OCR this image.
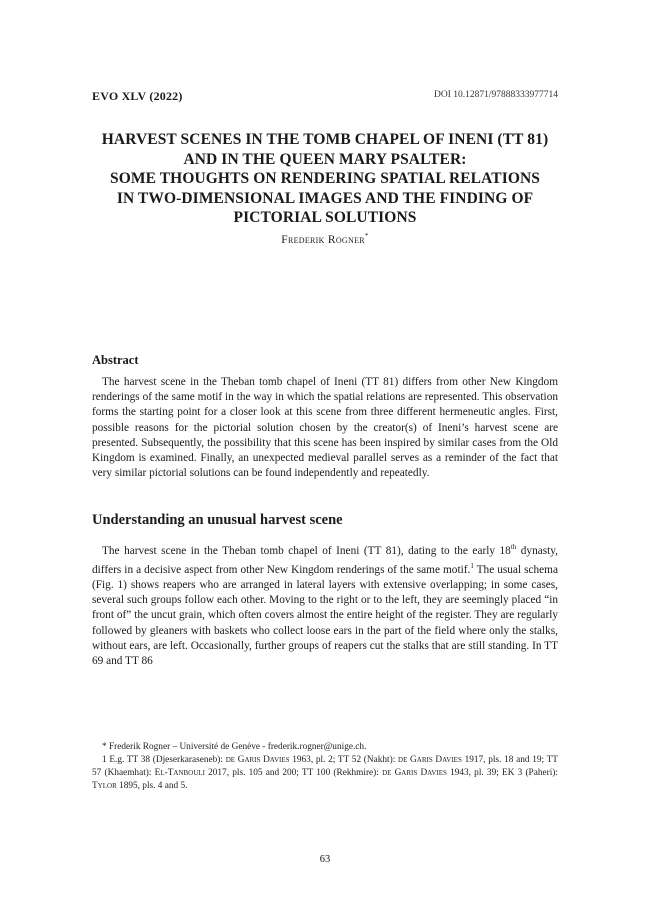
EVO XLV (2022)	DOI 10.12871/97888333977714
HARVEST SCENES IN THE TOMB CHAPEL OF INENI (TT 81)
AND IN THE QUEEN MARY PSALTER:
SOME THOUGHTS ON RENDERING SPATIAL RELATIONS
IN TWO-DIMENSIONAL IMAGES AND THE FINDING OF
PICTORIAL SOLUTIONS
Frederik Rogner*
Abstract

The harvest scene in the Theban tomb chapel of Ineni (TT 81) differs from other New Kingdom renderings of the same motif in the way in which the spatial relations are represented. This observation forms the starting point for a closer look at this scene from three different hermeneutic angles. First, possible reasons for the pictorial solution chosen by the creator(s) of Ineni’s harvest scene are presented. Subsequently, the possibility that this scene has been inspired by similar cases from the Old Kingdom is examined. Finally, an unexpected medieval parallel serves as a reminder of the fact that very similar pictorial solutions can be found independently and repeatedly.

Understanding an unusual harvest scene

The harvest scene in the Theban tomb chapel of Ineni (TT 81), dating to the early 18th dynasty, differs in a decisive aspect from other New Kingdom renderings of the same motif.$^1$ The usual schema (Fig. 1) shows reapers who are arranged in lateral layers with extensive overlapping; in some cases, several such groups follow each other. Moving to the right or to the left, they are seemingly placed “in front of” the uncut grain, which often covers almost the entire height of the register. They are regularly followed by gleaners with baskets who collect loose ears in the part of the field where only the stalks, without ears, are left. Occasionally, further groups of reapers cut the stalks that are still standing. In TT 69 and TT 86

* Frederik Rogner – Université de Genève - frederik.rogner@unige.ch.

1 E.g. TT 38 (Djeserkaraseneb): de Garis Davies 1963, pl. 2; TT 52 (Nakht): de Garis Davies 1917, pls. 18 and 19; TT 57 (Khaemhat): El-Tanbouli 2017, pls. 105 and 200; TT 100 (Rekhmire): de Garis Davies 1943, pl. 39; EK 3 (Paheri): Tylor 1895, pls. 4 and 5.

63
